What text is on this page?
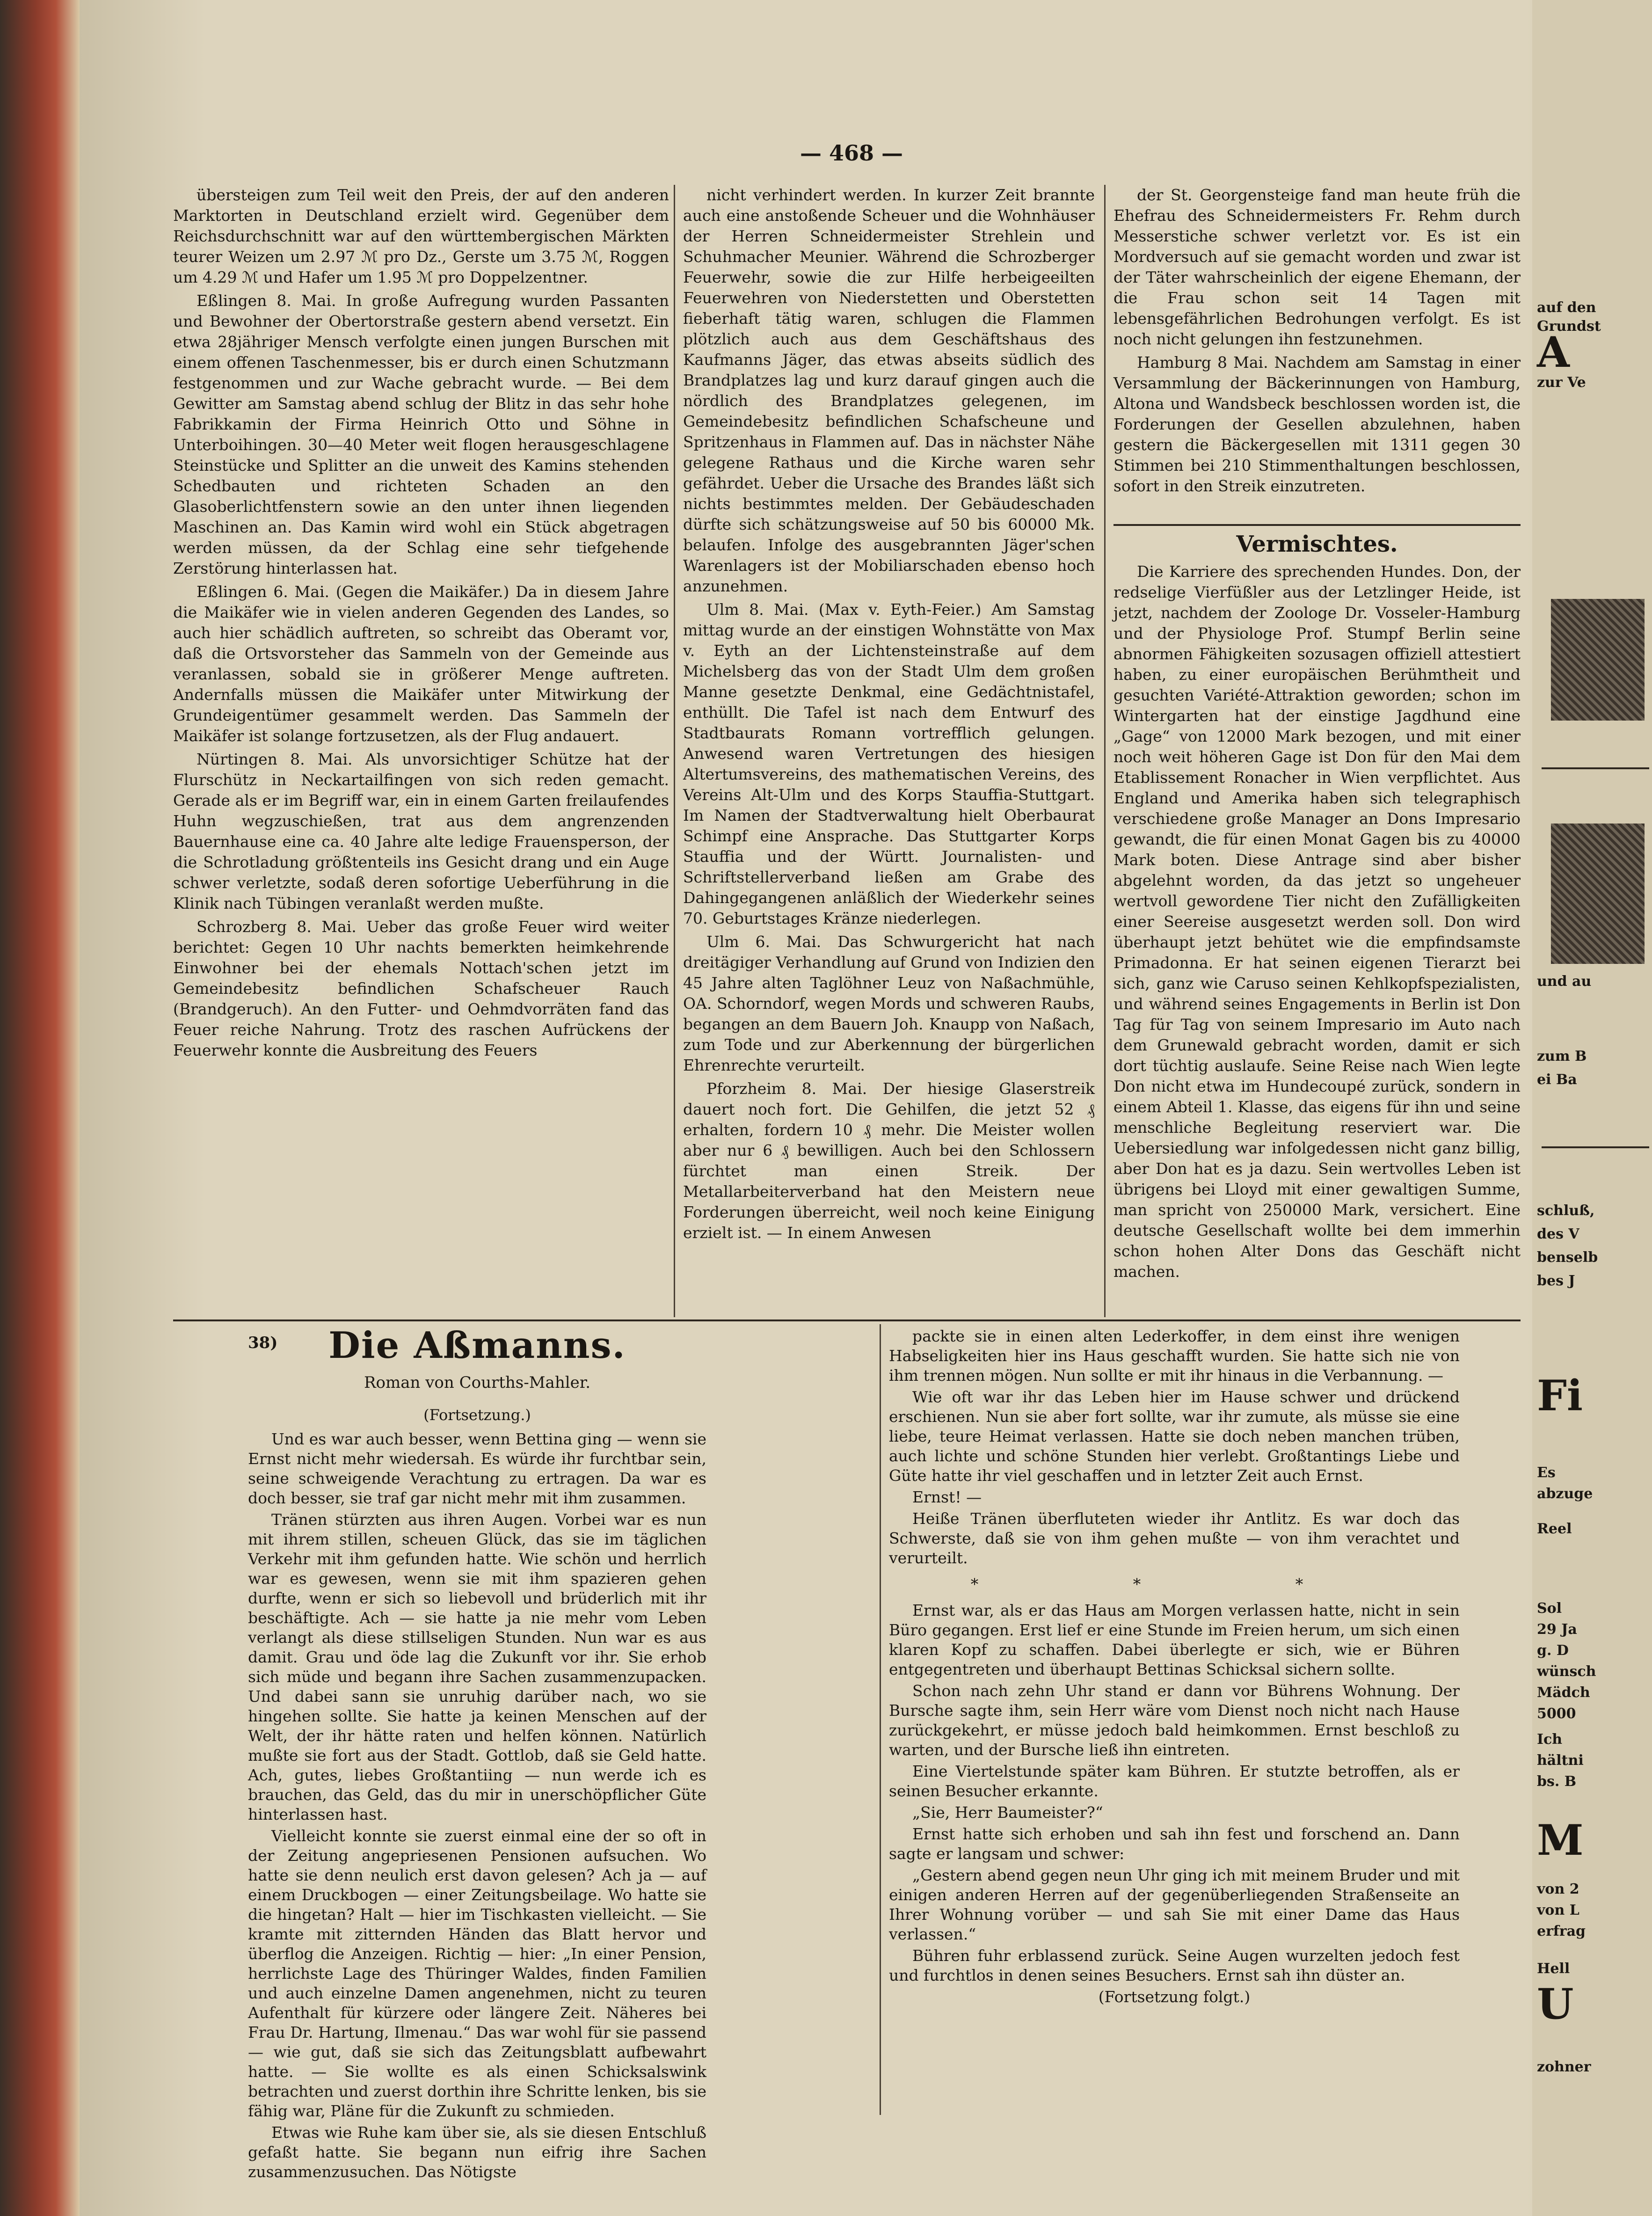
— 468 —

übersteigen zum Teil weit den Preis, der auf den anderen Marktorten in Deutschland erzielt wird. Gegenüber dem Reichsdurchschnitt war auf den württembergischen Märkten teurer Weizen um 2.97 ℳ pro Dz., Gerste um 3.75 ℳ, Roggen um 4.29 ℳ und Hafer um 1.95 ℳ pro Doppelzentner.

Eßlingen 8. Mai. In große Aufregung wurden Passanten und Bewohner der Obertorstraße gestern abend versetzt. Ein etwa 28jähriger Mensch verfolgte einen jungen Burschen mit einem offenen Taschenmesser, bis er durch einen Schutzmann festgenommen und zur Wache gebracht wurde. — Bei dem Gewitter am Samstag abend schlug der Blitz in das sehr hohe Fabrikkamin der Firma Heinrich Otto und Söhne in Unterboihingen. 30—40 Meter weit flogen herausgeschlagene Steinstücke und Splitter an die unweit des Kamins stehenden Schedbauten und richteten Schaden an den Glasoberlichtfenstern sowie an den unter ihnen liegenden Maschinen an. Das Kamin wird wohl ein Stück abgetragen werden müssen, da der Schlag eine sehr tiefgehende Zerstörung hinterlassen hat.

Eßlingen 6. Mai. (Gegen die Maikäfer.) Da in diesem Jahre die Maikäfer wie in vielen anderen Gegenden des Landes, so auch hier schädlich auftreten, so schreibt das Oberamt vor, daß die Ortsvorsteher das Sammeln von der Gemeinde aus veranlassen, sobald sie in größerer Menge auftreten. Andernfalls müssen die Maikäfer unter Mitwirkung der Grundeigentümer gesammelt werden. Das Sammeln der Maikäfer ist solange fortzusetzen, als der Flug andauert.

Nürtingen 8. Mai. Als unvorsichtiger Schütze hat der Flurschütz in Neckartailfingen von sich reden gemacht. Gerade als er im Begriff war, ein in einem Garten freilaufendes Huhn wegzuschießen, trat aus dem angrenzenden Bauernhause eine ca. 40 Jahre alte ledige Frauensperson, der die Schrotladung größtenteils ins Gesicht drang und ein Auge schwer verletzte, sodaß deren sofortige Ueberführung in die Klinik nach Tübingen veranlaßt werden mußte.

Schrozberg 8. Mai. Ueber das große Feuer wird weiter berichtet: Gegen 10 Uhr nachts bemerkten heimkehrende Einwohner bei der ehemals Nottach'schen jetzt im Gemeindebesitz befindlichen Schafscheuer Rauch (Brandgeruch). An den Futter- und Oehmdvorräten fand das Feuer reiche Nahrung. Trotz des raschen Aufrückens der Feuerwehr konnte die Ausbreitung des Feuers

nicht verhindert werden. In kurzer Zeit brannte auch eine anstoßende Scheuer und die Wohnhäuser der Herren Schneidermeister Strehlein und Schuhmacher Meunier. Während die Schrozberger Feuerwehr, sowie die zur Hilfe herbeigeeilten Feuerwehren von Niederstetten und Oberstetten fieberhaft tätig waren, schlugen die Flammen plötzlich auch aus dem Geschäftshaus des Kaufmanns Jäger, das etwas abseits südlich des Brandplatzes lag und kurz darauf gingen auch die nördlich des Brandplatzes gelegenen, im Gemeindebesitz befindlichen Schafscheune und Spritzenhaus in Flammen auf. Das in nächster Nähe gelegene Rathaus und die Kirche waren sehr gefährdet. Ueber die Ursache des Brandes läßt sich nichts bestimmtes melden. Der Gebäudeschaden dürfte sich schätzungsweise auf 50 bis 60000 Mk. belaufen. Infolge des ausgebrannten Jäger'schen Warenlagers ist der Mobiliarschaden ebenso hoch anzunehmen.

Ulm 8. Mai. (Max v. Eyth-Feier.) Am Samstag mittag wurde an der einstigen Wohnstätte von Max v. Eyth an der Lichtensteinstraße auf dem Michelsberg das von der Stadt Ulm dem großen Manne gesetzte Denkmal, eine Gedächtnistafel, enthüllt. Die Tafel ist nach dem Entwurf des Stadtbaurats Romann vortrefflich gelungen. Anwesend waren Vertretungen des hiesigen Altertumsvereins, des mathematischen Vereins, des Vereins Alt-Ulm und des Korps Stauffia-Stuttgart. Im Namen der Stadtverwaltung hielt Oberbaurat Schimpf eine Ansprache. Das Stuttgarter Korps Stauffia und der Württ. Journalisten- und Schriftstellerverband ließen am Grabe des Dahingegangenen anläßlich der Wiederkehr seines 70. Geburtstages Kränze niederlegen.

Ulm 6. Mai. Das Schwurgericht hat nach dreitägiger Verhandlung auf Grund von Indizien den 45 Jahre alten Taglöhner Leuz von Naßachmühle, OA. Schorndorf, wegen Mords und schweren Raubs, begangen an dem Bauern Joh. Knaupp von Naßach, zum Tode und zur Aberkennung der bürgerlichen Ehrenrechte verurteilt.

Pforzheim 8. Mai. Der hiesige Glaserstreik dauert noch fort. Die Gehilfen, die jetzt 52 ₰ erhalten, fordern 10 ₰ mehr. Die Meister wollen aber nur 6 ₰ bewilligen. Auch bei den Schlossern fürchtet man einen Streik. Der Metallarbeiterverband hat den Meistern neue Forderungen überreicht, weil noch keine Einigung erzielt ist. — In einem Anwesen

der St. Georgensteige fand man heute früh die Ehefrau des Schneidermeisters Fr. Rehm durch Messerstiche schwer verletzt vor. Es ist ein Mordversuch auf sie gemacht worden und zwar ist der Täter wahrscheinlich der eigene Ehemann, der die Frau schon seit 14 Tagen mit lebensgefährlichen Bedrohungen verfolgt. Es ist noch nicht gelungen ihn festzunehmen.

Hamburg 8 Mai. Nachdem am Samstag in einer Versammlung der Bäckerinnungen von Hamburg, Altona und Wandsbeck beschlossen worden ist, die Forderungen der Gesellen abzulehnen, haben gestern die Bäckergesellen mit 1311 gegen 30 Stimmen bei 210 Stimmenthaltungen beschlossen, sofort in den Streik einzutreten.

Vermischtes.

Die Karriere des sprechenden Hundes. Don, der redselige Vierfüßler aus der Letzlinger Heide, ist jetzt, nachdem der Zoologe Dr. Vosseler-Hamburg und der Physiologe Prof. Stumpf Berlin seine abnormen Fähigkeiten sozusagen offiziell attestiert haben, zu einer europäischen Berühmtheit und gesuchten Variété-Attraktion geworden; schon im Wintergarten hat der einstige Jagdhund eine „Gage“ von 12000 Mark bezogen, und mit einer noch weit höheren Gage ist Don für den Mai dem Etablissement Ronacher in Wien verpflichtet. Aus England und Amerika haben sich telegraphisch verschiedene große Manager an Dons Impresario gewandt, die für einen Monat Gagen bis zu 40000 Mark boten. Diese Antrage sind aber bisher abgelehnt worden, da das jetzt so ungeheuer wertvoll gewordene Tier nicht den Zufälligkeiten einer Seereise ausgesetzt werden soll. Don wird überhaupt jetzt behütet wie die empfindsamste Primadonna. Er hat seinen eigenen Tierarzt bei sich, ganz wie Caruso seinen Kehlkopfspezialisten, und während seines Engagements in Berlin ist Don Tag für Tag von seinem Impresario im Auto nach dem Grunewald gebracht worden, damit er sich dort tüchtig auslaufe. Seine Reise nach Wien legte Don nicht etwa im Hundecoupé zurück, sondern in einem Abteil 1. Klasse, das eigens für ihn und seine menschliche Begleitung reserviert war. Die Uebersiedlung war infolgedessen nicht ganz billig, aber Don hat es ja dazu. Sein wertvolles Leben ist übrigens bei Lloyd mit einer gewaltigen Summe, man spricht von 250000 Mark, versichert. Eine deutsche Gesellschaft wollte bei dem immerhin schon hohen Alter Dons das Geschäft nicht machen.

38)	Die Aßmanns.
Roman von Courths-Mahler.
(Fortsetzung.)

Und es war auch besser, wenn Bettina ging — wenn sie Ernst nicht mehr wiedersah. Es würde ihr furchtbar sein, seine schweigende Verachtung zu ertragen. Da war es doch besser, sie traf gar nicht mehr mit ihm zusammen.

Tränen stürzten aus ihren Augen. Vorbei war es nun mit ihrem stillen, scheuen Glück, das sie im täglichen Verkehr mit ihm gefunden hatte. Wie schön und herrlich war es gewesen, wenn sie mit ihm spazieren gehen durfte, wenn er sich so liebevoll und brüderlich mit ihr beschäftigte. Ach — sie hatte ja nie mehr vom Leben verlangt als diese stillseligen Stunden. Nun war es aus damit. Grau und öde lag die Zukunft vor ihr. Sie erhob sich müde und begann ihre Sachen zusammenzupacken. Und dabei sann sie unruhig darüber nach, wo sie hingehen sollte. Sie hatte ja keinen Menschen auf der Welt, der ihr hätte raten und helfen können. Natürlich mußte sie fort aus der Stadt. Gottlob, daß sie Geld hatte. Ach, gutes, liebes Großtantiing — nun werde ich es brauchen, das Geld, das du mir in unerschöpflicher Güte hinterlassen hast.

Vielleicht konnte sie zuerst einmal eine der so oft in der Zeitung angepriesenen Pensionen aufsuchen. Wo hatte sie denn neulich erst davon gelesen? Ach ja — auf einem Druckbogen — einer Zeitungsbeilage. Wo hatte sie die hingetan? Halt — hier im Tischkasten vielleicht. — Sie kramte mit zitternden Händen das Blatt hervor und überflog die Anzeigen. Richtig — hier: „In einer Pension, herrlichste Lage des Thüringer Waldes, finden Familien und auch einzelne Damen angenehmen, nicht zu teuren Aufenthalt für kürzere oder längere Zeit. Näheres bei Frau Dr. Hartung, Ilmenau.“ Das war wohl für sie passend — wie gut, daß sie sich das Zeitungsblatt aufbewahrt hatte. — Sie wollte es als einen Schicksalswink betrachten und zuerst dorthin ihre Schritte lenken, bis sie fähig war, Pläne für die Zukunft zu schmieden.

Etwas wie Ruhe kam über sie, als sie diesen Entschluß gefaßt hatte. Sie begann nun eifrig ihre Sachen zusammenzusuchen. Das Nötigste

packte sie in einen alten Lederkoffer, in dem einst ihre wenigen Habseligkeiten hier ins Haus geschafft wurden. Sie hatte sich nie von ihm trennen mögen. Nun sollte er mit ihr hinaus in die Verbannung. —

Wie oft war ihr das Leben hier im Hause schwer und drückend erschienen. Nun sie aber fort sollte, war ihr zumute, als müsse sie eine liebe, teure Heimat verlassen. Hatte sie doch neben manchen trüben, auch lichte und schöne Stunden hier verlebt. Großtantings Liebe und Güte hatte ihr viel geschaffen und in letzter Zeit auch Ernst.

Ernst! —

Heiße Tränen überfluteten wieder ihr Antlitz. Es war doch das Schwerste, daß sie von ihm gehen mußte — von ihm verachtet und verurteilt.

* * *

Ernst war, als er das Haus am Morgen verlassen hatte, nicht in sein Büro gegangen. Erst lief er eine Stunde im Freien herum, um sich einen klaren Kopf zu schaffen. Dabei überlegte er sich, wie er Bühren entgegentreten und überhaupt Bettinas Schicksal sichern sollte.

Schon nach zehn Uhr stand er dann vor Bührens Wohnung. Der Bursche sagte ihm, sein Herr wäre vom Dienst noch nicht nach Hause zurückgekehrt, er müsse jedoch bald heimkommen. Ernst beschloß zu warten, und der Bursche ließ ihn eintreten.

Eine Viertelstunde später kam Bühren. Er stutzte betroffen, als er seinen Besucher erkannte.

„Sie, Herr Baumeister?“

Ernst hatte sich erhoben und sah ihn fest und forschend an. Dann sagte er langsam und schwer:

„Gestern abend gegen neun Uhr ging ich mit meinem Bruder und mit einigen anderen Herren auf der gegenüberliegenden Straßenseite an Ihrer Wohnung vorüber — und sah Sie mit einer Dame das Haus verlassen.“

Bühren fuhr erblassend zurück. Seine Augen wurzelten jedoch fest und furchtlos in denen seines Besuchers. Ernst sah ihn düster an.

(Fortsetzung folgt.)
auf den
Grundst
A
zur Ve
und au
zum B
ei Ba
schluß,
des V
benselb
bes J
Fi
Es
abzuge
Reel
Sol
29 Ja
g. D
wünsch
Mädch
5000
Ich
hältni
bs. B
M
von 2
von L
erfrag
Hell
U
zohner
